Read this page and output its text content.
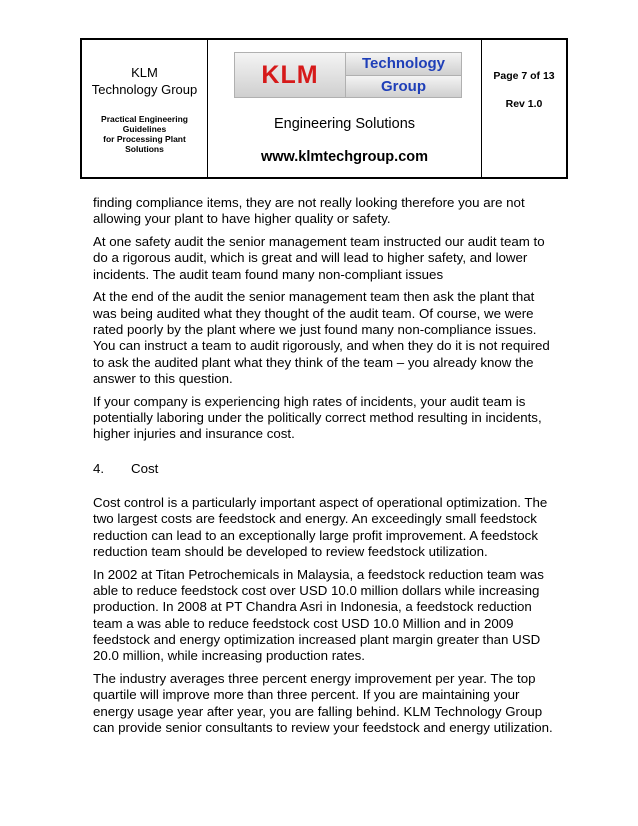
KLM
Technology Group
Practical Engineering
Guidelines
for Processing Plant
Solutions
KLM	Technology
Group
Engineering Solutions
www.klmtechgroup.com
Page 7 of 13
Rev 1.0

finding compliance items, they are not really looking therefore you are not allowing your plant to have higher quality or safety.

At one safety audit the senior management team instructed our audit team to do a rigorous audit, which is great and will lead to higher safety, and lower incidents. The audit team found many non-compliant issues

At the end of the audit the senior management team then ask the plant that was being audited what they thought of the audit team. Of course, we were rated poorly by the plant where we just found many non-compliance issues. You can instruct a team to audit rigorously, and when they do it is not required to ask the audited plant what they think of the team – you already know the answer to this question.

If your company is experiencing high rates of incidents, your audit team is potentially laboring under the politically correct method resulting in incidents, higher injuries and insurance cost.

4.	Cost

Cost control is a particularly important aspect of operational optimization. The two largest costs are feedstock and energy. An exceedingly small feedstock reduction can lead to an exceptionally large profit improvement. A feedstock reduction team should be developed to review feedstock utilization.

In 2002 at Titan Petrochemicals in Malaysia, a feedstock reduction team was able to reduce feedstock cost over USD 10.0 million dollars while increasing production. In 2008 at PT Chandra Asri in Indonesia, a feedstock reduction team a was able to reduce feedstock cost USD 10.0 Million and in 2009 feedstock and energy optimization increased plant margin greater than USD 20.0 million, while increasing production rates.

The industry averages three percent energy improvement per year. The top quartile will improve more than three percent. If you are maintaining your energy usage year after year, you are falling behind. KLM Technology Group can provide senior consultants to review your feedstock and energy utilization.
